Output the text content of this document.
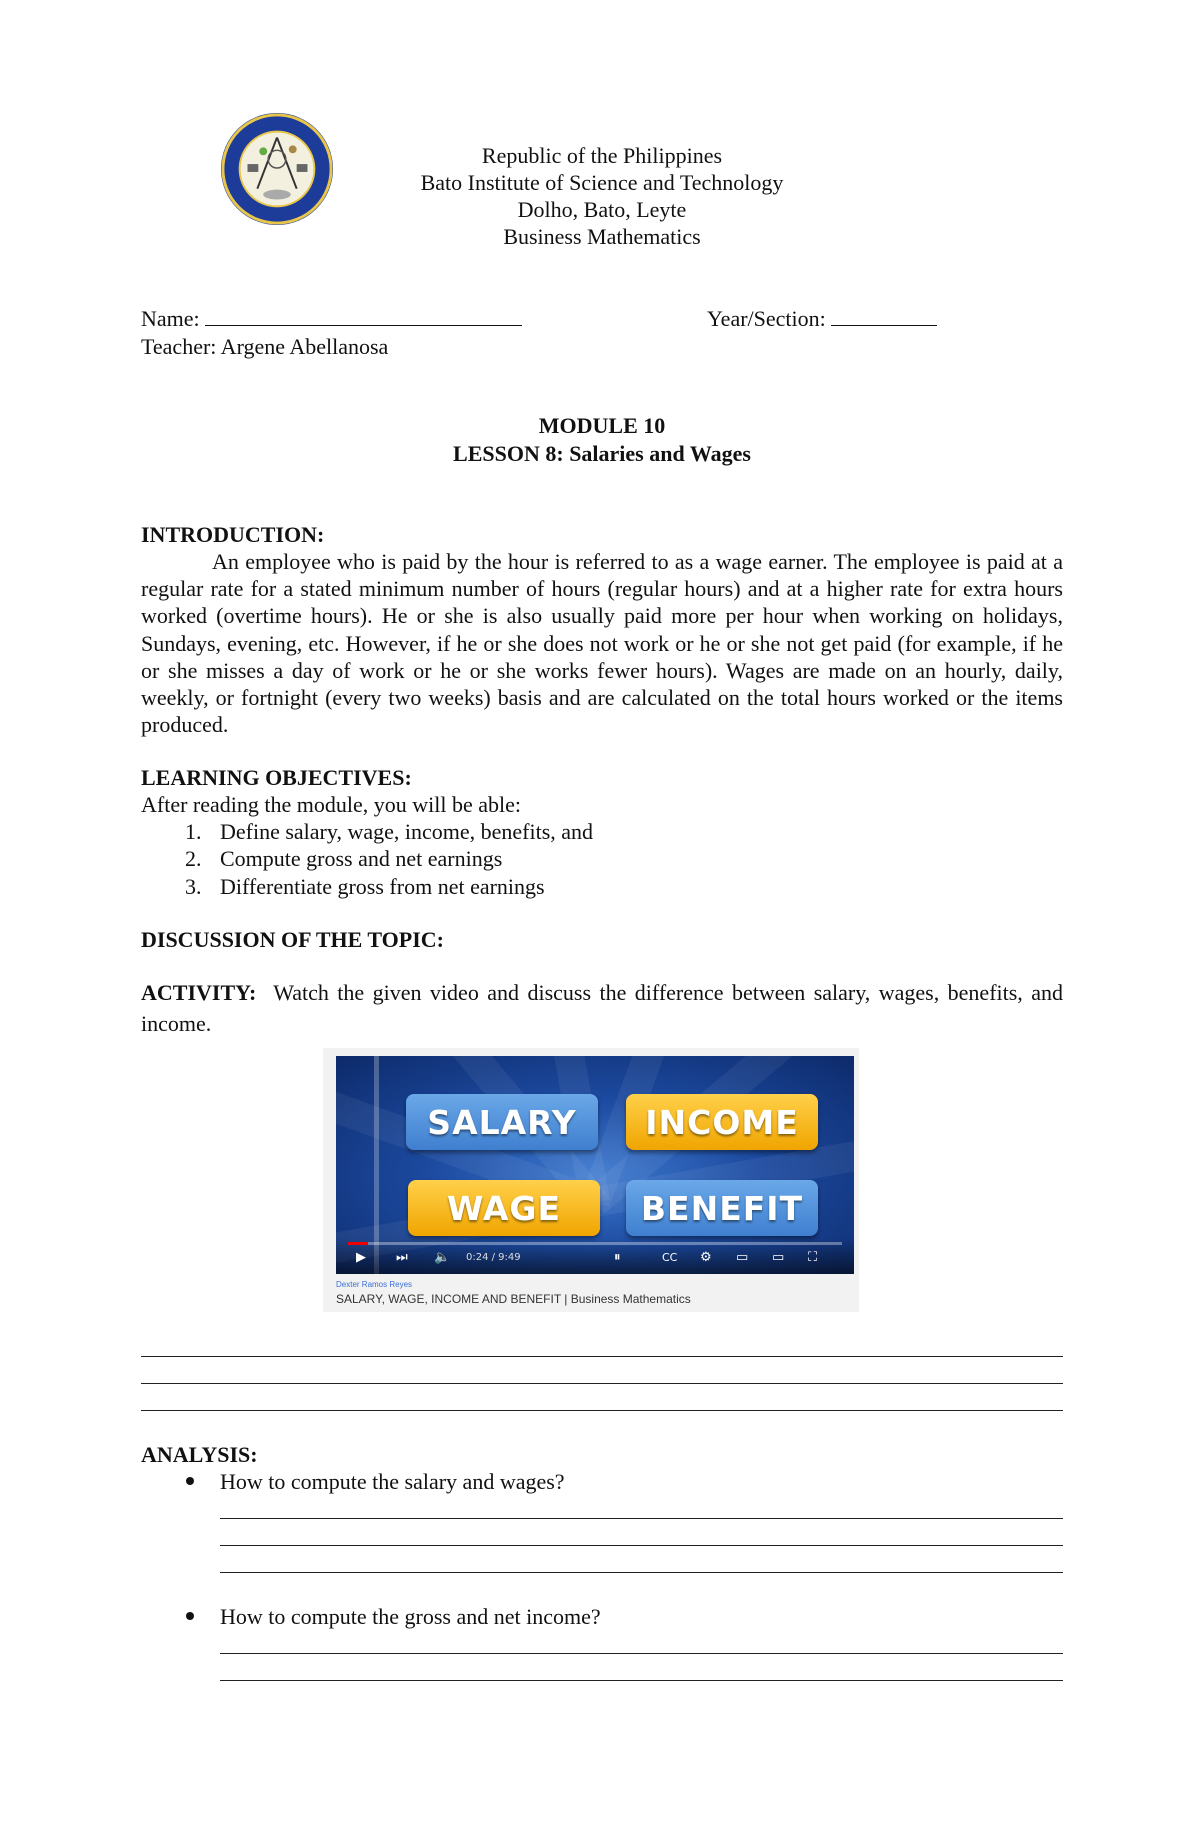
Republic of the Philippines
Bato Institute of Science and Technology
Dolho, Bato, Leyte
Business Mathematics
Name:	Year/Section:
Teacher: Argene Abellanosa
MODULE 10
LESSON 8: Salaries and Wages
INTRODUCTION:

An employee who is paid by the hour is referred to as a wage earner. The employee is paid at a regular rate for a stated minimum number of hours (regular hours) and at a higher rate for extra hours worked (overtime hours). He or she is also usually paid more per hour when working on holidays, Sundays, evening, etc. However, if he or she does not work or he or she not get paid (for example, if he or she misses a day of work or he or she works fewer hours). Wages are made on an hourly, daily, weekly, or fortnight (every two weeks) basis and are calculated on the total hours worked or the items produced.

LEARNING OBJECTIVES:
After reading the module, you will be able:
1. Define salary, wage, income, benefits, and
2. Compute gross and net earnings
3. Differentiate gross from net earnings
DISCUSSION OF THE TOPIC:
ACTIVITY: Watch the given video and discuss the difference between salary, wages, benefits, and income.
SALARY	INCOME
WAGE	BENEFIT
▶ ⏭ 🔈 0:24 / 9:49	⏸	CC ⚙ ▭ ▭ ⛶
Dexter Ramos Reyes
SALARY, WAGE, INCOME AND BENEFIT | Business Mathematics
ANALYSIS:
How to compute the salary and wages?
How to compute the gross and net income?
